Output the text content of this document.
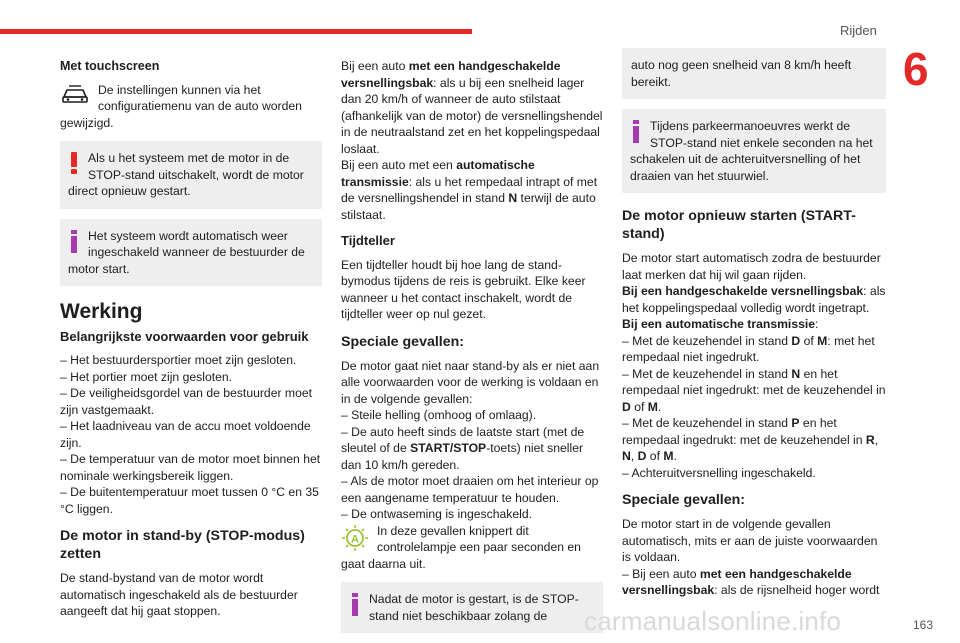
Rijden
6
Met touchscreen
De instellingen kunnen via het configuratiemenu van de auto worden gewijzigd.
Als u het systeem met de motor in de STOP-stand uitschakelt, wordt de motor direct opnieuw gestart.
Het systeem wordt automatisch weer ingeschakeld wanneer de bestuurder de motor start.
Werking
Belangrijkste voorwaarden voor gebruik

– Het bestuurdersportier moet zijn gesloten.

– Het portier moet zijn gesloten.

– De veiligheidsgordel van de bestuurder moet zijn vastgemaakt.

– Het laadniveau van de accu moet voldoende zijn.

– De temperatuur van de motor moet binnen het nominale werkingsbereik liggen.

– De buitentemperatuur moet tussen 0 °C en 35 °C liggen.

De motor in stand-by (STOP-modus) zetten

De stand-bystand van de motor wordt automatisch ingeschakeld als de bestuurder aangeeft dat hij gaat stoppen.

Bij een auto met een handgeschakelde versnellingsbak: als u bij een snelheid lager dan 20 km/h of wanneer de auto stilstaat (afhankelijk van de motor) de versnellingshendel in de neutraalstand zet en het koppelingspedaal loslaat.

Bij een auto met een automatische transmissie: als u het rempedaal intrapt of met de versnellingshendel in stand N terwijl de auto stilstaat.

Tijdteller

Een tijdteller houdt bij hoe lang de stand-bymodus tijdens de reis is gebruikt. Elke keer wanneer u het contact inschakelt, wordt de tijdteller weer op nul gezet.

Speciale gevallen:

De motor gaat niet naar stand-by als er niet aan alle voorwaarden voor de werking is voldaan en in de volgende gevallen:

– Steile helling (omhoog of omlaag).

– De auto heeft sinds de laatste start (met de sleutel of de START/STOP-toets) niet sneller dan 10 km/h gereden.

– Als de motor moet draaien om het interieur op een aangename temperatuur te houden.

– De ontwaseming is ingeschakeld.

A
In deze gevallen knippert dit controlelampje een paar seconden en gaat daarna uit.
Nadat de motor is gestart, is de STOP-stand niet beschikbaar zolang de
auto nog geen snelheid van 8 km/h heeft bereikt.
Tijdens parkeermanoeuvres werkt de STOP-stand niet enkele seconden na het schakelen uit de achteruitversnelling of het draaien van het stuurwiel.
De motor opnieuw starten (START-stand)

De motor start automatisch zodra de bestuurder laat merken dat hij wil gaan rijden.

Bij een handgeschakelde versnellingsbak: als het koppelingspedaal volledig wordt ingetrapt.

Bij een automatische transmissie:

– Met de keuzehendel in stand D of M: met het rempedaal niet ingedrukt.

– Met de keuzehendel in stand N en het rempedaal niet ingedrukt: met de keuzehendel in D of M.

– Met de keuzehendel in stand P en het rempedaal ingedrukt: met de keuzehendel in R, N, D of M.

– Achteruitversnelling ingeschakeld.

Speciale gevallen:

De motor start in de volgende gevallen automatisch, mits er aan de juiste voorwaarden is voldaan.

– Bij een auto met een handgeschakelde versnellingsbak: als de rijsnelheid hoger wordt

carmanualsonline.info	163
